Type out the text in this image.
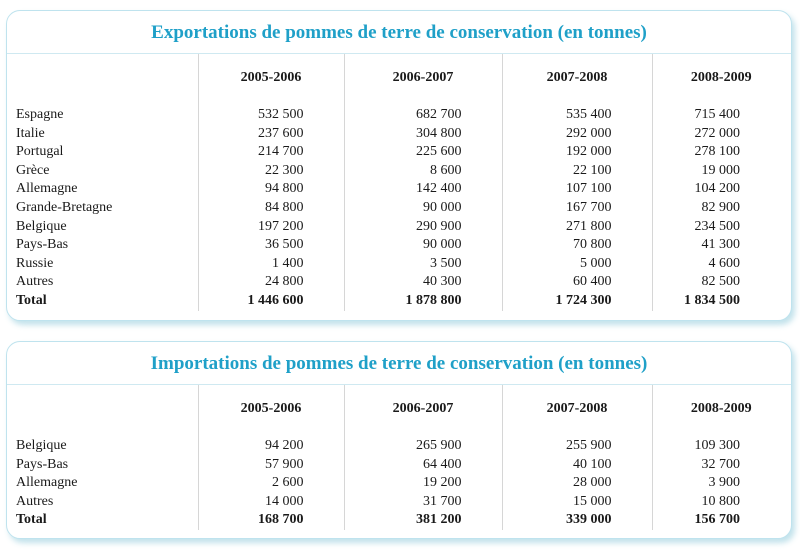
Exportations de pommes de terre de conservation (en tonnes)
	2005-2006	2006-2007	2007-2008	2008-2009
Espagne	532 500	682 700	535 400	715 400
Italie	237 600	304 800	292 000	272 000
Portugal	214 700	225 600	192 000	278 100
Grèce	22 300	8 600	22 100	19 000
Allemagne	94 800	142 400	107 100	104 200
Grande-Bretagne	84 800	90 000	167 700	82 900
Belgique	197 200	290 900	271 800	234 500
Pays-Bas	36 500	90 000	70 800	41 300
Russie	1 400	3 500	5 000	4 600
Autres	24 800	40 300	60 400	82 500
Total	1 446 600	1 878 800	1 724 300	1 834 500
Importations de pommes de terre de conservation (en tonnes)
	2005-2006	2006-2007	2007-2008	2008-2009
Belgique	94 200	265 900	255 900	109 300
Pays-Bas	57 900	64 400	40 100	32 700
Allemagne	2 600	19 200	28 000	3 900
Autres	14 000	31 700	15 000	10 800
Total	168 700	381 200	339 000	156 700
